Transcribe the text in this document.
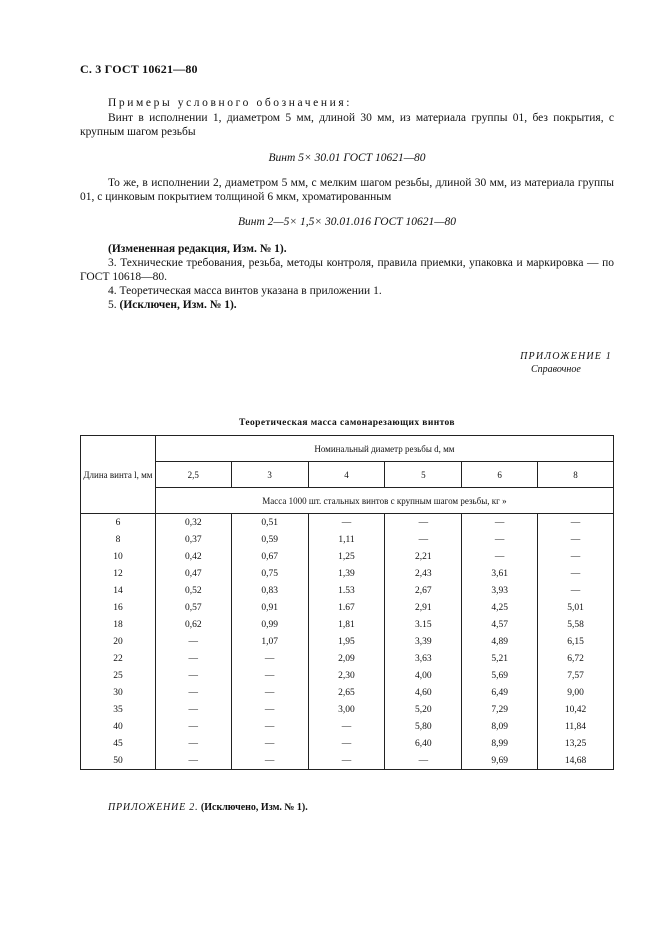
С. 3 ГОСТ 10621—80
Примеры условного обозначения:
Винт в исполнении 1, диаметром 5 мм, длиной 30 мм, из материала группы 01, без покрытия, с крупным шагом резьбы
Винт 5× 30.01 ГОСТ 10621—80
То же, в исполнении 2, диаметром 5 мм, с мелким шагом резьбы, длиной 30 мм, из материала группы 01, с цинковым покрытием толщиной 6 мкм, хроматированным
Винт 2—5× 1,5× 30.01.016 ГОСТ 10621—80
(Измененная редакция, Изм. № 1).
3. Технические требования, резьба, методы контроля, правила приемки, упаковка и маркировка — по ГОСТ 10618—80.
4. Теоретическая масса винтов указана в приложении 1.
5. (Исключен, Изм. № 1).
ПРИЛОЖЕНИЕ 1
Справочное
Теоретическая масса самонарезающих винтов
Длина винта l, мм	Номинальный диаметр резьбы d, мм					
	2,5	3	4	5	6	8
	Масса 1000 шт. стальных винтов с крупным шагом резьбы, кг »					
6	0,32	0,51	—	—	—	—
8	0,37	0,59	1,11	—	—	—
10	0,42	0,67	1,25	2,21	—	—
12	0,47	0,75	1,39	2,43	3,61	—
14	0,52	0,83	1.53	2,67	3,93	—
16	0,57	0,91	1.67	2,91	4,25	5,01
18	0,62	0,99	1,81	3.15	4,57	5,58
20	—	1,07	1,95	3,39	4,89	6,15
22	—	—	2,09	3,63	5,21	6,72
25	—	—	2,30	4,00	5,69	7,57
30	—	—	2,65	4,60	6,49	9,00
35	—	—	3,00	5,20	7,29	10,42
40	—	—	—	5,80	8,09	11,84
45	—	—	—	6,40	8,99	13,25
50	—	—	—	—	9,69	14,68
ПРИЛОЖЕНИЕ 2. (Исключено, Изм. № 1).
